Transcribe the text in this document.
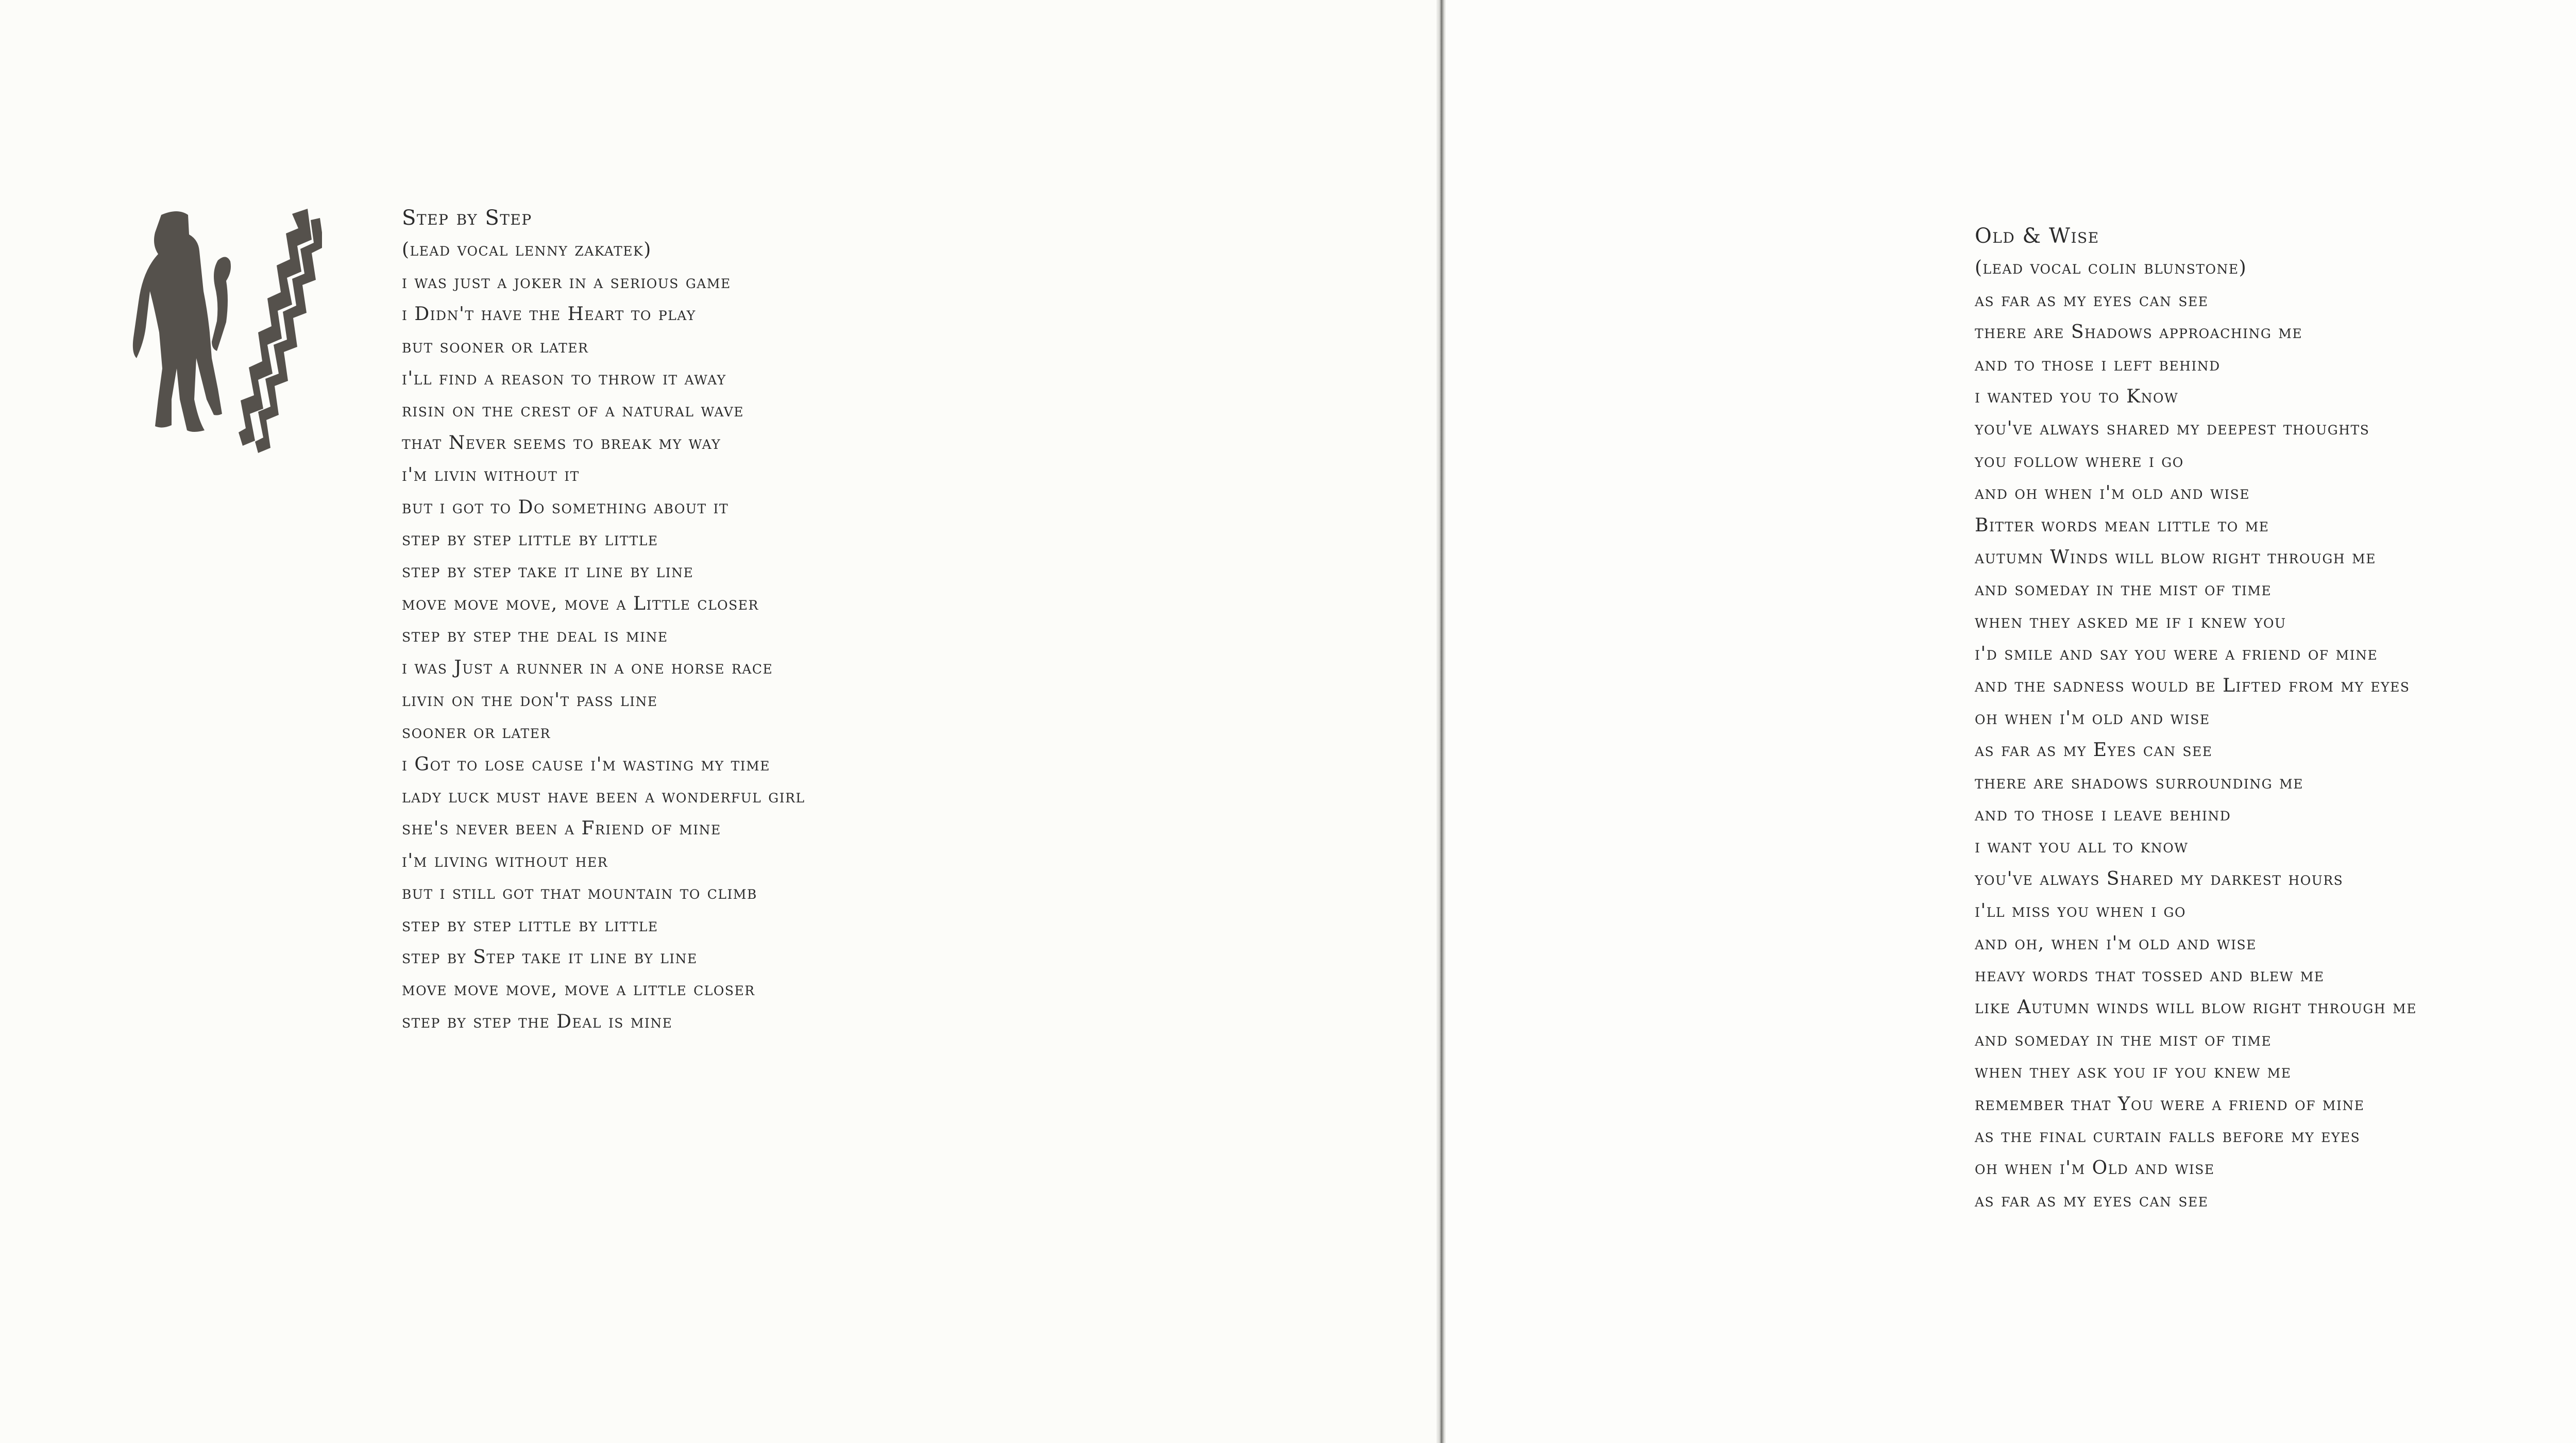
Step by Step
(lead vocal lenny zakatek)
i was just a joker in a serious game
i Didn't have the Heart to play
but sooner or later
i'll find a reason to throw it away
risin on the crest of a natural wave
that Never seems to break my way
i'm livin without it
but i got to Do something about it
step by step little by little
step by step take it line by line
move move move, move a Little closer
step by step the deal is mine
i was Just a runner in a one horse race
livin on the don't pass line
sooner or later
i Got to lose cause i'm wasting my time
lady luck must have been a wonderful girl
she's never been a Friend of mine
i'm living without her
but i still got that mountain to climb
step by step little by little
step by Step take it line by line
move move move, move a little closer
step by step the Deal is mine
Old & Wise
(lead vocal colin blunstone)
as far as my eyes can see
there are Shadows approaching me
and to those i left behind
i wanted you to Know
you've always shared my deepest thoughts
you follow where i go
and oh when i'm old and wise
Bitter words mean little to me
autumn Winds will blow right through me
and someday in the mist of time
when they asked me if i knew you
i'd smile and say you were a friend of mine
and the sadness would be Lifted from my eyes
oh when i'm old and wise
as far as my Eyes can see
there are shadows surrounding me
and to those i leave behind
i want you all to know
you've always Shared my darkest hours
i'll miss you when i go
and oh, when i'm old and wise
heavy words that tossed and blew me
like Autumn winds will blow right through me
and someday in the mist of time
when they ask you if you knew me
remember that You were a friend of mine
as the final curtain falls before my eyes
oh when i'm Old and wise
as far as my eyes can see
